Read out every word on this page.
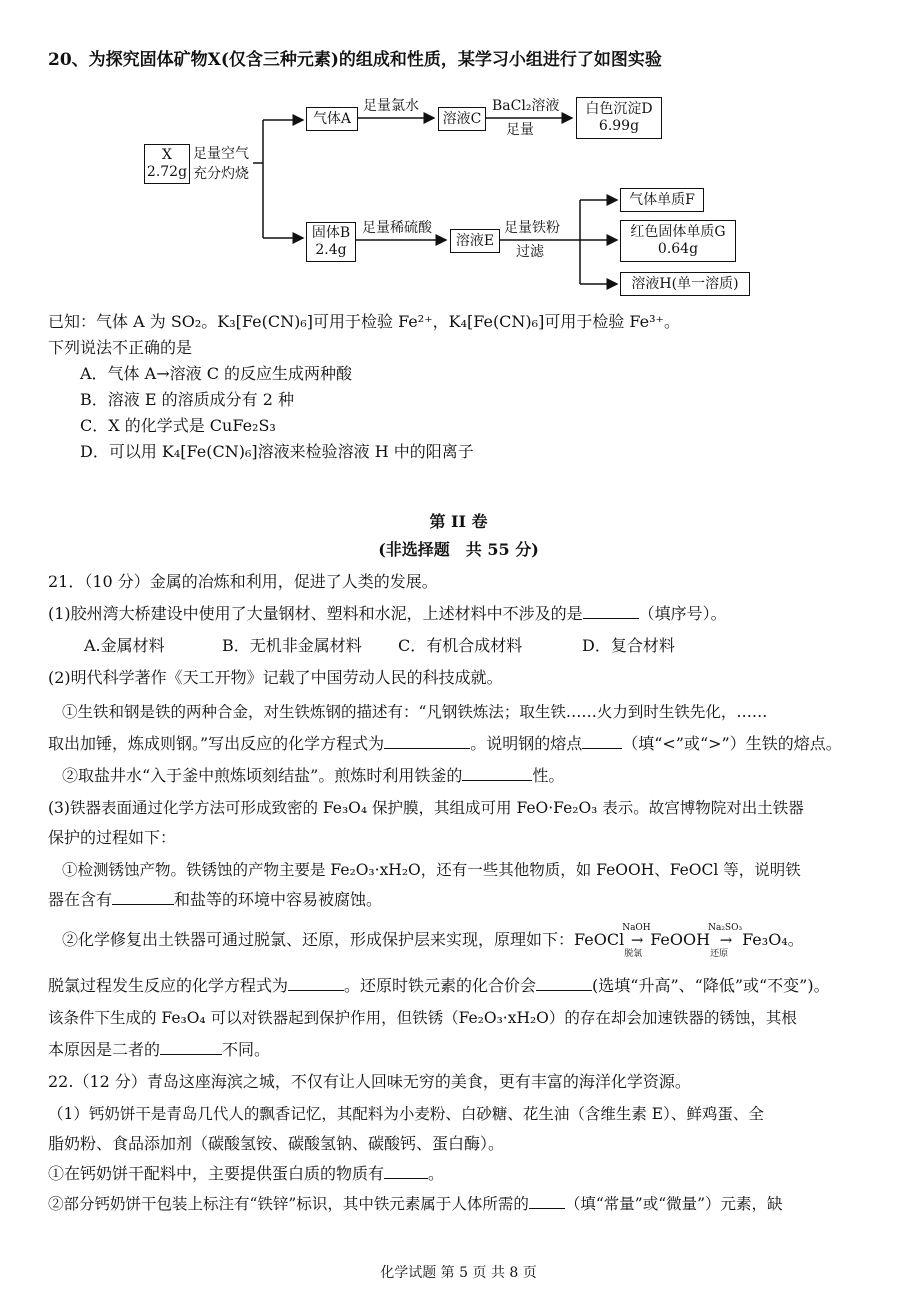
20、为探究固体矿物X(仅含三种元素)的组成和性质，某学习小组进行了如图实验
X
2.72g
足量空气
充分灼烧
气体A
足量氯水
溶液C
BaCl₂溶液
足量
白色沉淀D
6.99g
固体B
2.4g
足量稀硫酸
溶液E
足量铁粉
过滤
气体单质F
红色固体单质G
0.64g
溶液H(单一溶质)
已知：气体 A 为 SO₂。K₃[Fe(CN)₆]可用于检验 Fe²⁺，K₄[Fe(CN)₆]可用于检验 Fe³⁺。
下列说法不正确的是
A．气体 A→溶液 C 的反应生成两种酸
B．溶液 E 的溶质成分有 2 种
C．X 的化学式是 CuFe₂S₃
D．可以用 K₄[Fe(CN)₆]溶液来检验溶液 H 中的阳离子
第 II 卷
(非选择题　共 55 分)
21．（10 分）金属的冶炼和利用，促进了人类的发展。
(1)胶州湾大桥建设中使用了大量钢材、塑料和水泥，上述材料中不涉及的是	（填序号）。
A.金属材料	B．无机非金属材料 C．有机合成材料	D．复合材料
(2)明代科学著作《天工开物》记载了中国劳动人民的科技成就。
①生铁和钢是铁的两种合金，对生铁炼钢的描述有：“凡钢铁炼法；取生铁……火力到时生铁先化，……
取出加锤，炼成则钢。”写出反应的化学方程式为	。说明钢的熔点	（填“<”或“>”）生铁的熔点。
②取盐井水“入于釜中煎炼顷刻结盐”。煎炼时利用铁釜的	性。
(3)铁器表面通过化学方法可形成致密的 Fe₃O₄ 保护膜，其组成可用 FeO·Fe₂O₃ 表示。故宫博物院对出土铁器
保护的过程如下：
①检测锈蚀产物。铁锈蚀的产物主要是 Fe₂O₃·xH₂O，还有一些其他物质，如 FeOOH、FeOCl 等，说明铁
器在含有	和盐等的环境中容易被腐蚀。
②化学修复出土铁器可通过脱氯、还原，形成保护层来实现，原理如下：FeOCl
NaOH
→
脱氯
FeOOH
Na₂SO₃
→
还原
Fe₃O₄。
脱氯过程发生反应的化学方程式为	。还原时铁元素的化合价会	(选填“升高”、“降低”或“不变”)。
该条件下生成的 Fe₃O₄ 可以对铁器起到保护作用，但铁锈（Fe₂O₃·xH₂O）的存在却会加速铁器的锈蚀，其根
本原因是二者的	不同。
22.（12 分）青岛这座海滨之城，不仅有让人回味无穷的美食，更有丰富的海洋化学资源。
（1）钙奶饼干是青岛几代人的飘香记忆，其配料为小麦粉、白砂糖、花生油（含维生素 E）、鲜鸡蛋、全
脂奶粉、食品添加剂（碳酸氢铵、碳酸氢钠、碳酸钙、蛋白酶）。
①在钙奶饼干配料中，主要提供蛋白质的物质有	。
②部分钙奶饼干包装上标注有“铁锌”标识，其中铁元素属于人体所需的 （填“常量”或“微量”）元素，缺
化学试题 第 5 页 共 8 页
